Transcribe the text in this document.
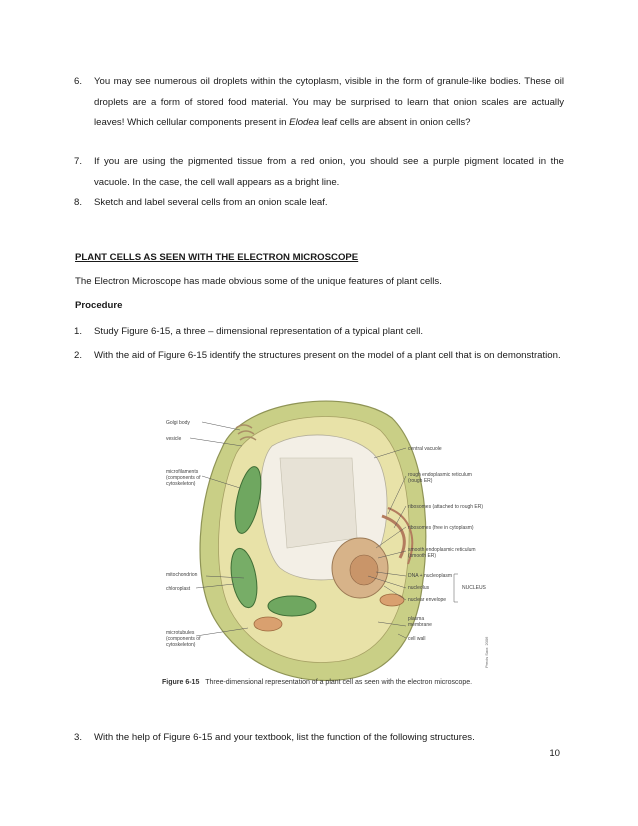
6. You may see numerous oil droplets within the cytoplasm, visible in the form of granule-like bodies. These oil droplets are a form of stored food material. You may be surprised to learn that onion scales are actually leaves! Which cellular components present in Elodea leaf cells are absent in onion cells?
7. If you are using the pigmented tissue from a red onion, you should see a purple pigment located in the vacuole. In the case, the cell wall appears as a bright line.
8. Sketch and label several cells from an onion scale leaf.
PLANT CELLS AS SEEN WITH THE ELECTRON MICROSCOPE
The Electron Microscope has made obvious some of the unique features of plant cells.
Procedure
1. Study Figure 6-15, a three – dimensional representation of a typical plant cell.
2. With the aid of Figure 6-15 identify the structures present on the model of a plant cell that is on demonstration.
Golgi body
vesicle
microfilaments
(components of
cytoskeleton)
mitochondrion
chloroplast
microtubules
(components of
cytoskeleton)
central vacuole
rough endoplasmic reticulum
(rough ER)
ribosomes (attached to rough ER)
ribosomes (free in cytoplasm)
smooth endoplasmic reticulum
(smooth ER)
DNA + nucleoplasm
nucleolus
nuclear envelope
plasma
membrane
cell wall
NUCLEUS
Precis Sacr. 2006
Figure 6-15 Three-dimensional representation of a plant cell as seen with the electron microscope.
3. With the help of Figure 6-15 and your textbook, list the function of the following structures.
10
